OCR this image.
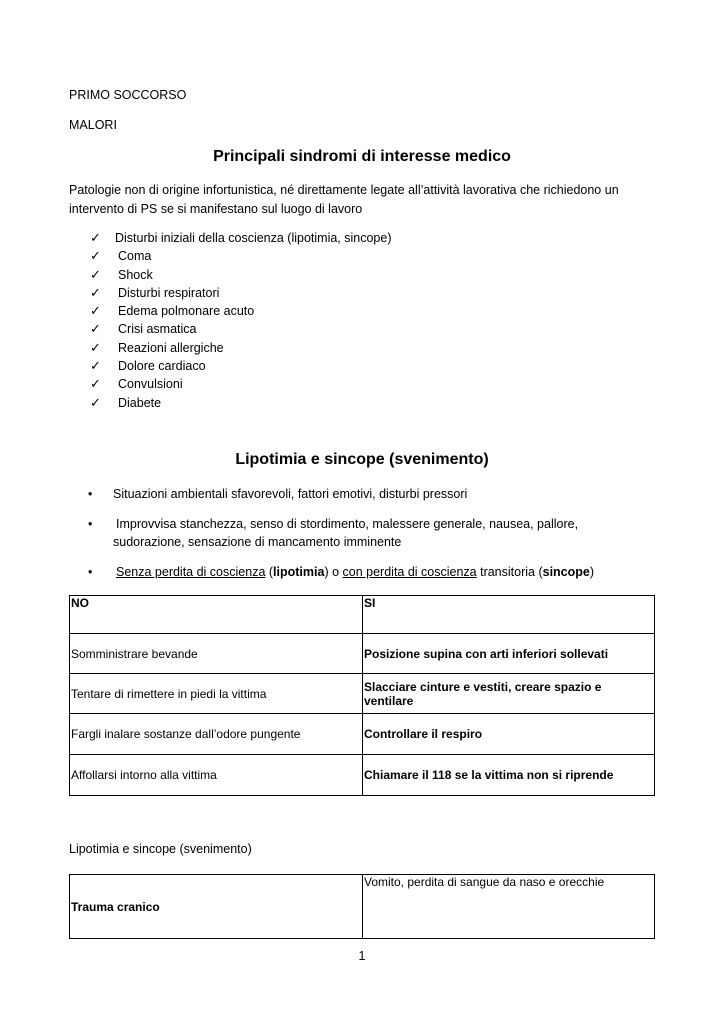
PRIMO SOCCORSO
MALORI
Principali sindromi di interesse medico
Patologie non di origine infortunistica, né direttamente legate all’attività lavorativa che richiedono un intervento di PS se si manifestano sul luogo di lavoro
✓ Disturbi iniziali della coscienza (lipotimia, sincope)
✓ Coma
✓ Shock
✓ Disturbi respiratori
✓ Edema polmonare acuto
✓ Crisi asmatica
✓ Reazioni allergiche
✓ Dolore cardiaco
✓ Convulsioni
✓ Diabete
Lipotimia e sincope (svenimento)
• Situazioni ambientali sfavorevoli, fattori emotivi, disturbi pressori
• Improvvisa stanchezza, senso di stordimento, malessere generale, nausea, pallore, sudorazione, sensazione di mancamento imminente
• Senza perdita di coscienza (lipotimia) o con perdita di coscienza transitoria (sincope)
NO	SI
Somministrare bevande	Posizione supina con arti inferiori sollevati
Tentare di rimettere in piedi la vittima	Slacciare cinture e vestiti, creare spazio e ventilare
Fargli inalare sostanze dall’odore pungente	Controllare il respiro
Affollarsi intorno alla vittima	Chiamare il 118 se la vittima non si riprende
Lipotimia e sincope (svenimento)
Trauma cranico	Vomito, perdita di sangue da naso e orecchie
1
